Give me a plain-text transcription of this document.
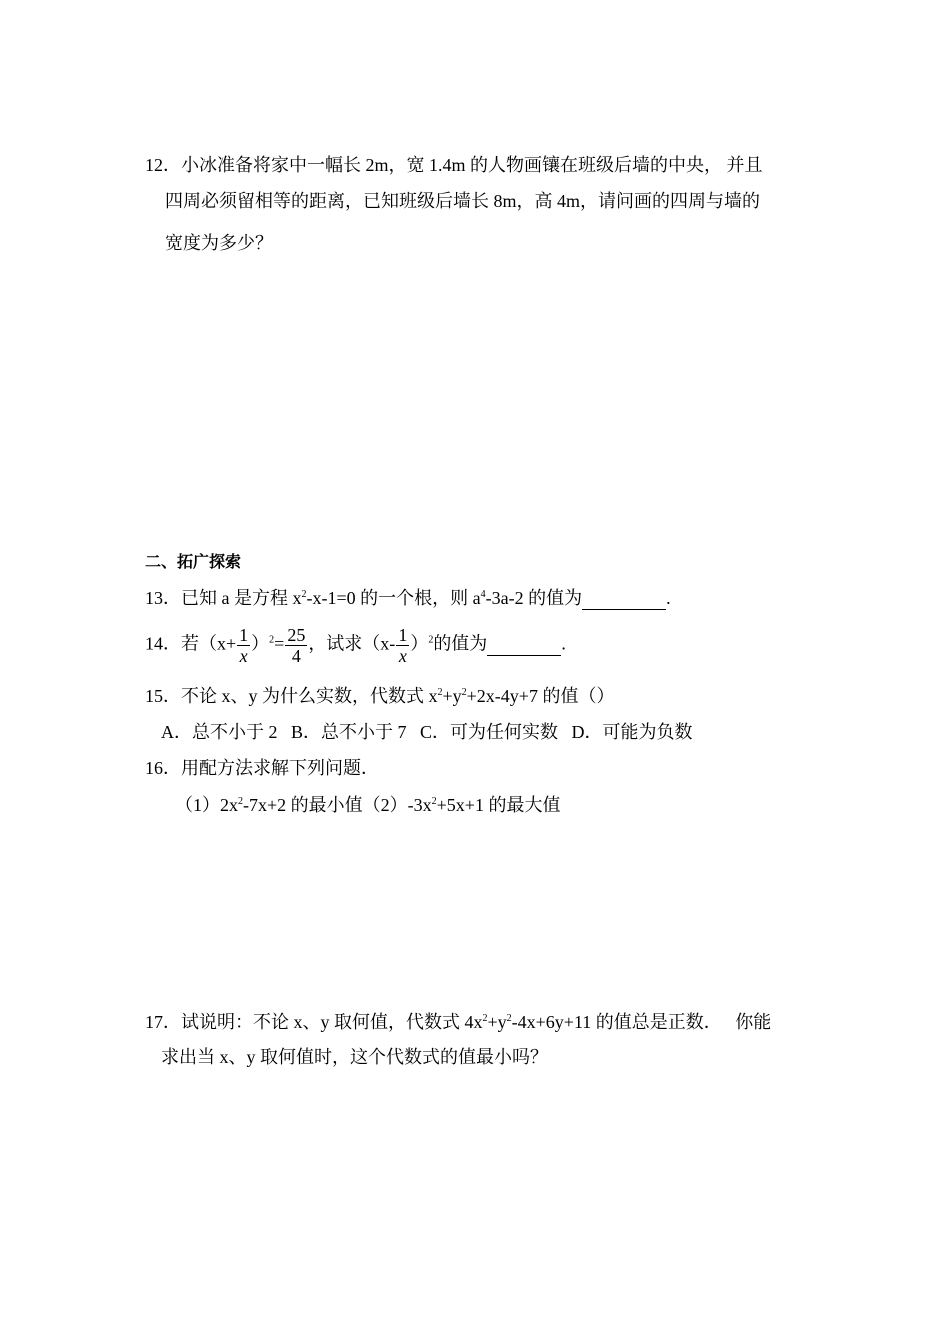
12．小冰准备将家中一幅长 2m，宽 1.4m 的人物画镶在班级后墙的中央， 并且
四周必须留相等的距离，已知班级后墙长 8m，高 4m，请问画的四周与墙的
宽度为多少？
二、拓广探索
13．已知 a 是方程 $x^2-x-1=0$ 的一个根，则 $a^4-3a-2$ 的值为	.
14．若$(x+ \frac{1}{x} )^2= \frac{25}{4}$ ，试求$(x- \frac{1}{x} )^2$的值为	.
15．不论 x、y 为什么实数，代数式 $x^2+y^2+2x-4y+7$ 的值（）
A．总不小于 2   B．总不小于 7   C．可为任何实数   D．可能为负数
16．用配方法求解下列问题．
$(1)2x^2-7x+2$ 的最小值$(2)-3x^2+5x+1$ 的最大值
17．试说明：不论 x、y 取何值，代数式 $4x^2+y^2-4x+6y+11$ 的值总是正数．   你能
求出当 x、y 取何值时，这个代数式的值最小吗？
